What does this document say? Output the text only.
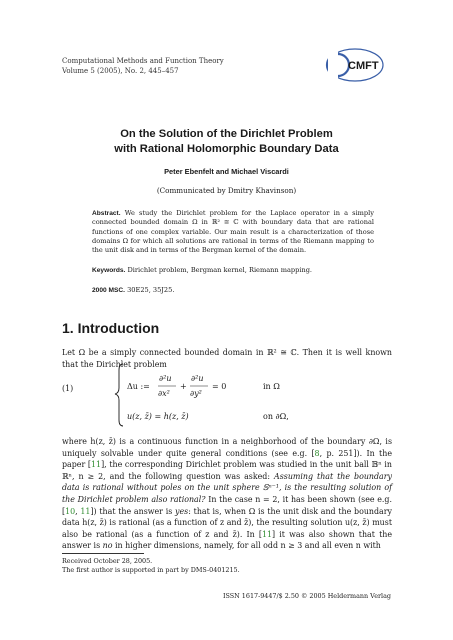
Computational Methods and Function Theory
Volume 5 (2005), No. 2, 445–457	CMFT
On the Solution of the Dirichlet Problem
with Rational Holomorphic Boundary Data
Peter Ebenfelt and Michael Viscardi
(Communicated by Dmitry Khavinson)
Abstract. We study the Dirichlet problem for the Laplace operator in a simply connected bounded domain Ω in ℝ² ≅ ℂ with boundary data that are rational functions of one complex variable. Our main result is a characterization of those domains Ω for which all solutions are rational in terms of the Riemann mapping to the unit disk and in terms of the Bergman kernel of the domain.
Keywords. Dirichlet problem, Bergman kernel, Riemann mapping.
2000 MSC. 30E25, 35J25.
1. Introduction
Let Ω be a simply connected bounded domain in ℝ² ≅ ℂ. Then it is well known that the Dirichlet problem
(1)	Δu :=
∂²u
∂x²
+
∂²u
∂y²
= 0	in Ω
u(z, z̄) = h(z, z̄)	on ∂Ω,
where h(z, z̄) is a continuous function in a neighborhood of the boundary ∂Ω, is uniquely solvable under quite general conditions (see e.g. [8, p. 251]). In the paper [11], the corresponding Dirichlet problem was studied in the unit ball 𝔹ⁿ in ℝⁿ, n ≥ 2, and the following question was asked: Assuming that the boundary data is rational without poles on the unit sphere 𝕊ⁿ⁻¹, is the resulting solution of the Dirichlet problem also rational? In the case n = 2, it has been shown (see e.g. [10, 11]) that the answer is yes: that is, when Ω is the unit disk and the boundary data h(z, z̄) is rational (as a function of z and z̄), the resulting solution u(z, z̄) must also be rational (as a function of z and z̄). In [11] it was also shown that the answer is no in higher dimensions, namely, for all odd n ≥ 3 and all even n with
Received October 28, 2005.
The first author is supported in part by DMS-0401215.
ISSN 1617-9447/$ 2.50 © 2005 Heldermann Verlag
